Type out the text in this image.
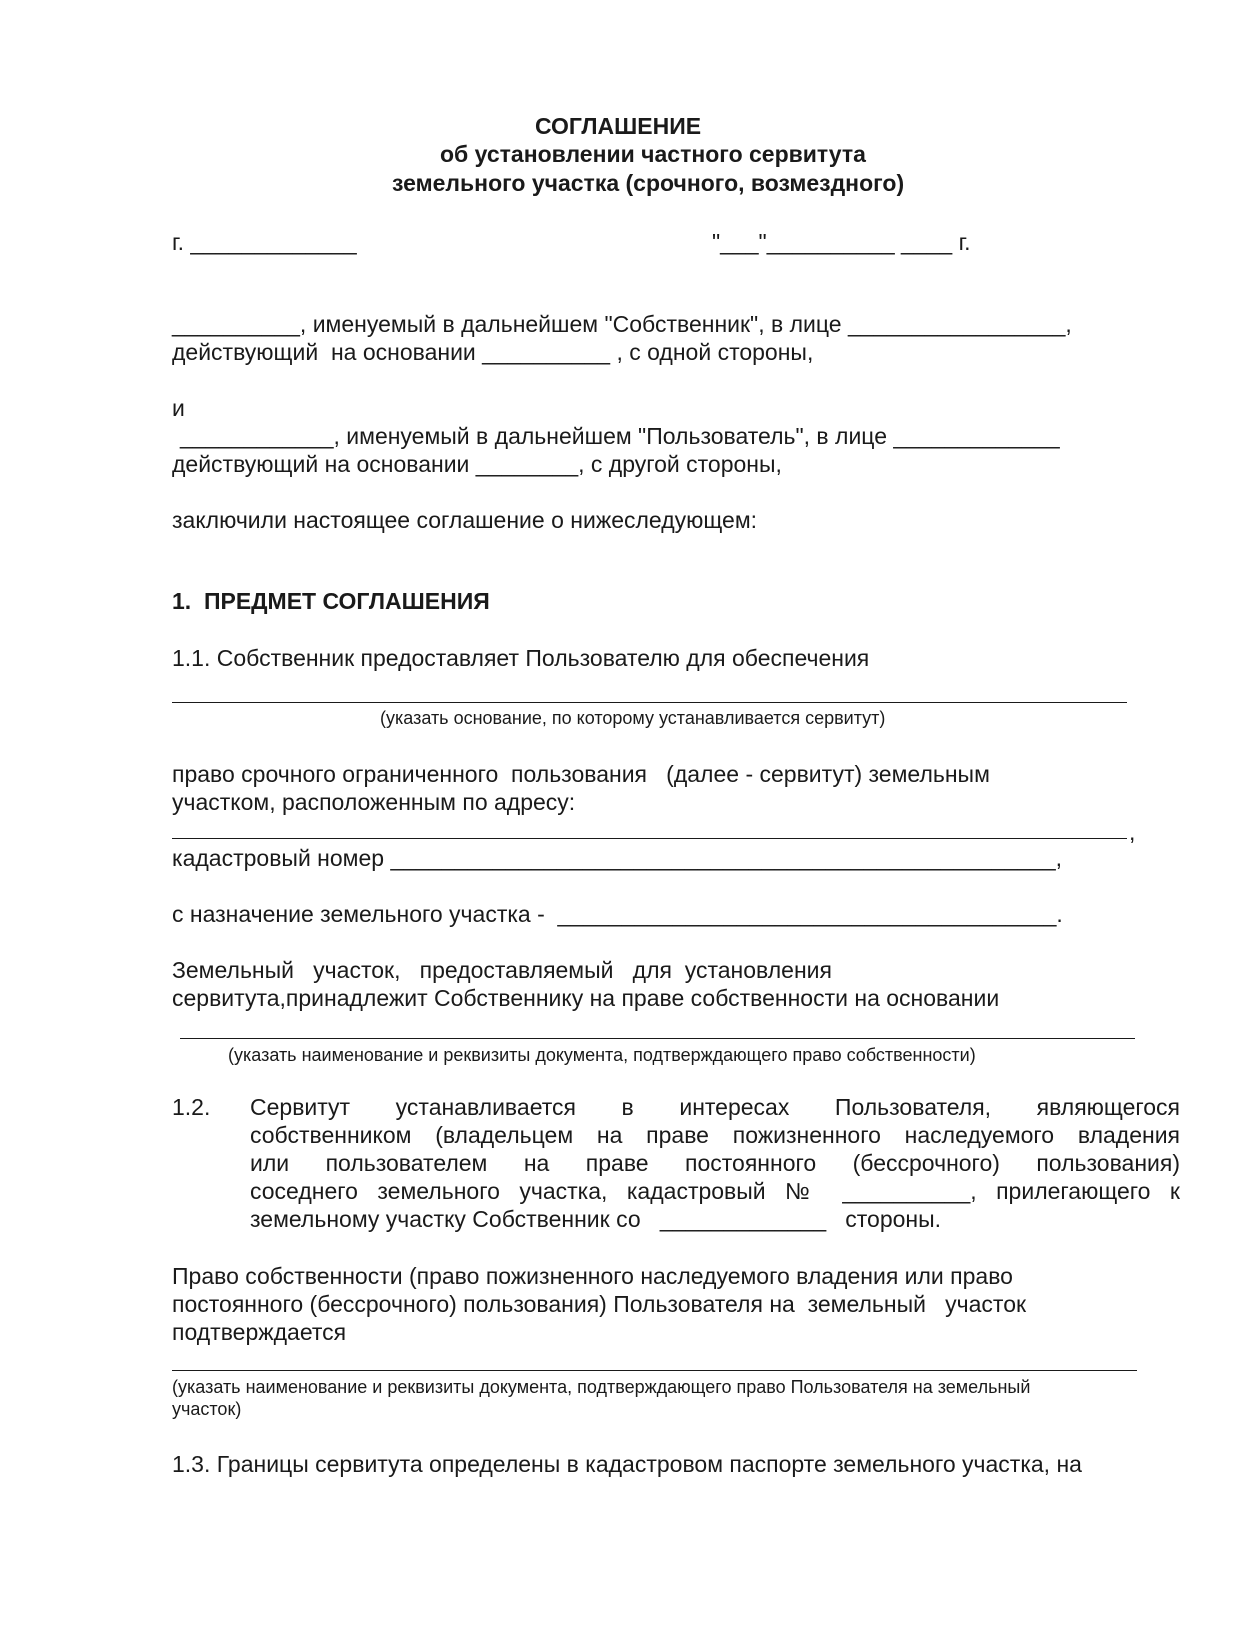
СОГЛАШЕНИЕ
об установлении частного сервитута
земельного участка (срочного, возмездного)
г. _____________	"___"__________ ____ г.
__________, именуемый в дальнейшем "Собственник", в лице _________________,
действующий  на основании __________ , с одной стороны,
и
____________, именуемый в дальнейшем "Пользователь", в лице _____________
действующий на основании ________, с другой стороны,
заключили настоящее соглашение о нижеследующем:
1.  ПРЕДМЕТ СОГЛАШЕНИЯ
1.1. Собственник предоставляет Пользователю для обеспечения
(указать основание, по которому устанавливается сервитут)
право срочного ограниченного  пользования   (далее - сервитут) земельным
участком, расположенным по адресу:
,
кадастровый номер ____________________________________________________,
с назначение земельного участка -  _______________________________________.
Земельный   участок,   предоставляемый   для  установления
сервитута,принадлежит Собственнику на праве собственности на основании
(указать наименование и реквизиты документа, подтверждающего право собственности)
1.2. Сервитут устанавливается в интересах Пользователя, являющегося
собственником (владельцем на праве пожизненного наследуемого владения
или пользователем на праве постоянного (бессрочного) пользования)
соседнего земельного участка, кадастровый № __________, прилегающего к
земельному участку Собственник со   _____________   стороны.
Право собственности (право пожизненного наследуемого владения или право
постоянного (бессрочного) пользования) Пользователя на  земельный   участок
подтверждается
(указать наименование и реквизиты документа, подтверждающего право Пользователя на земельный
участок)
1.3. Границы сервитута определены в кадастровом паспорте земельного участка, на
